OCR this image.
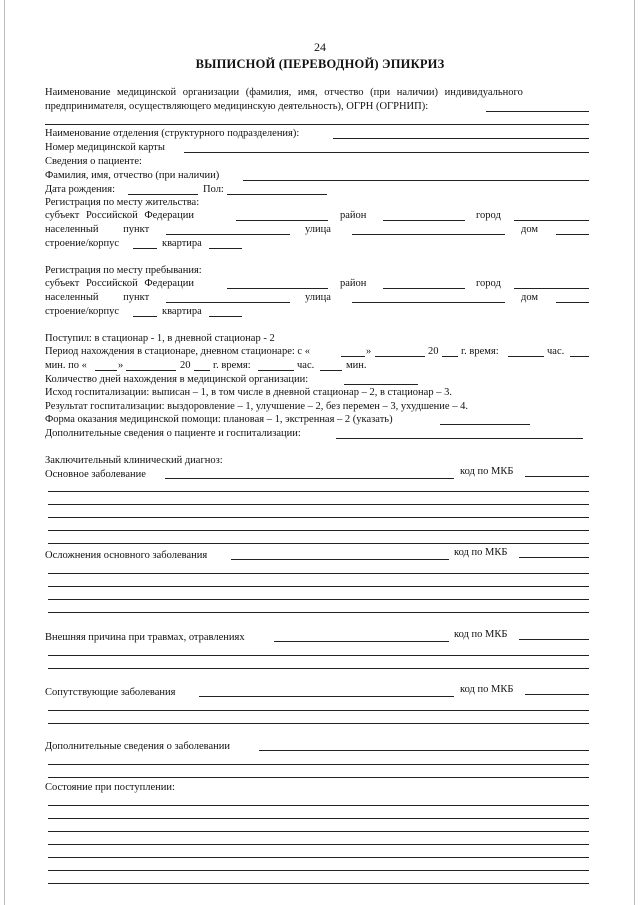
24
ВЫПИСНОЙ (ПЕРЕВОДНОЙ) ЭПИКРИЗ
Наименование медицинской организации (фамилия, имя, отчество (при наличии) индивидуального
предпринимателя, осуществляющего медицинскую деятельность), ОГРН (ОГРНИП):
Наименование отделения (структурного подразделения):
Номер медицинской карты
Сведения о пациенте:
Фамилия, имя, отчество (при наличии)
Дата рождения:	Пол:
Регистрация по месту жительства:
субъект Российской Федерации	район	город
населенный пункт	улица	дом
строение/корпус	квартира
Регистрация по месту пребывания:
субъект Российской Федерации	район	город
населенный пункт	улица	дом
строение/корпус	квартира
Поступил: в стационар - 1, в дневной стационар - 2
Период нахождения в стационаре, дневном стационаре: с «	»	20 г. время:	час.
мин. по «	»	20 г. время:	час.	мин.
Количество дней нахождения в медицинской организации:
Исход госпитализации: выписан – 1, в том числе в дневной стационар – 2, в стационар – 3.
Результат госпитализации: выздоровление – 1, улучшение – 2, без перемен – 3, ухудшение – 4.
Форма оказания медицинской помощи: плановая – 1, экстренная – 2 (указать)
Дополнительные сведения о пациенте и госпитализации:
Заключительный клинический диагноз:
Основное заболевание	код по МКБ
Осложнения основного заболевания	код по МКБ
Внешняя причина при травмах, отравлениях	код по МКБ
Сопутствующие заболевания	код по МКБ
Дополнительные сведения о заболевании
Состояние при поступлении:
